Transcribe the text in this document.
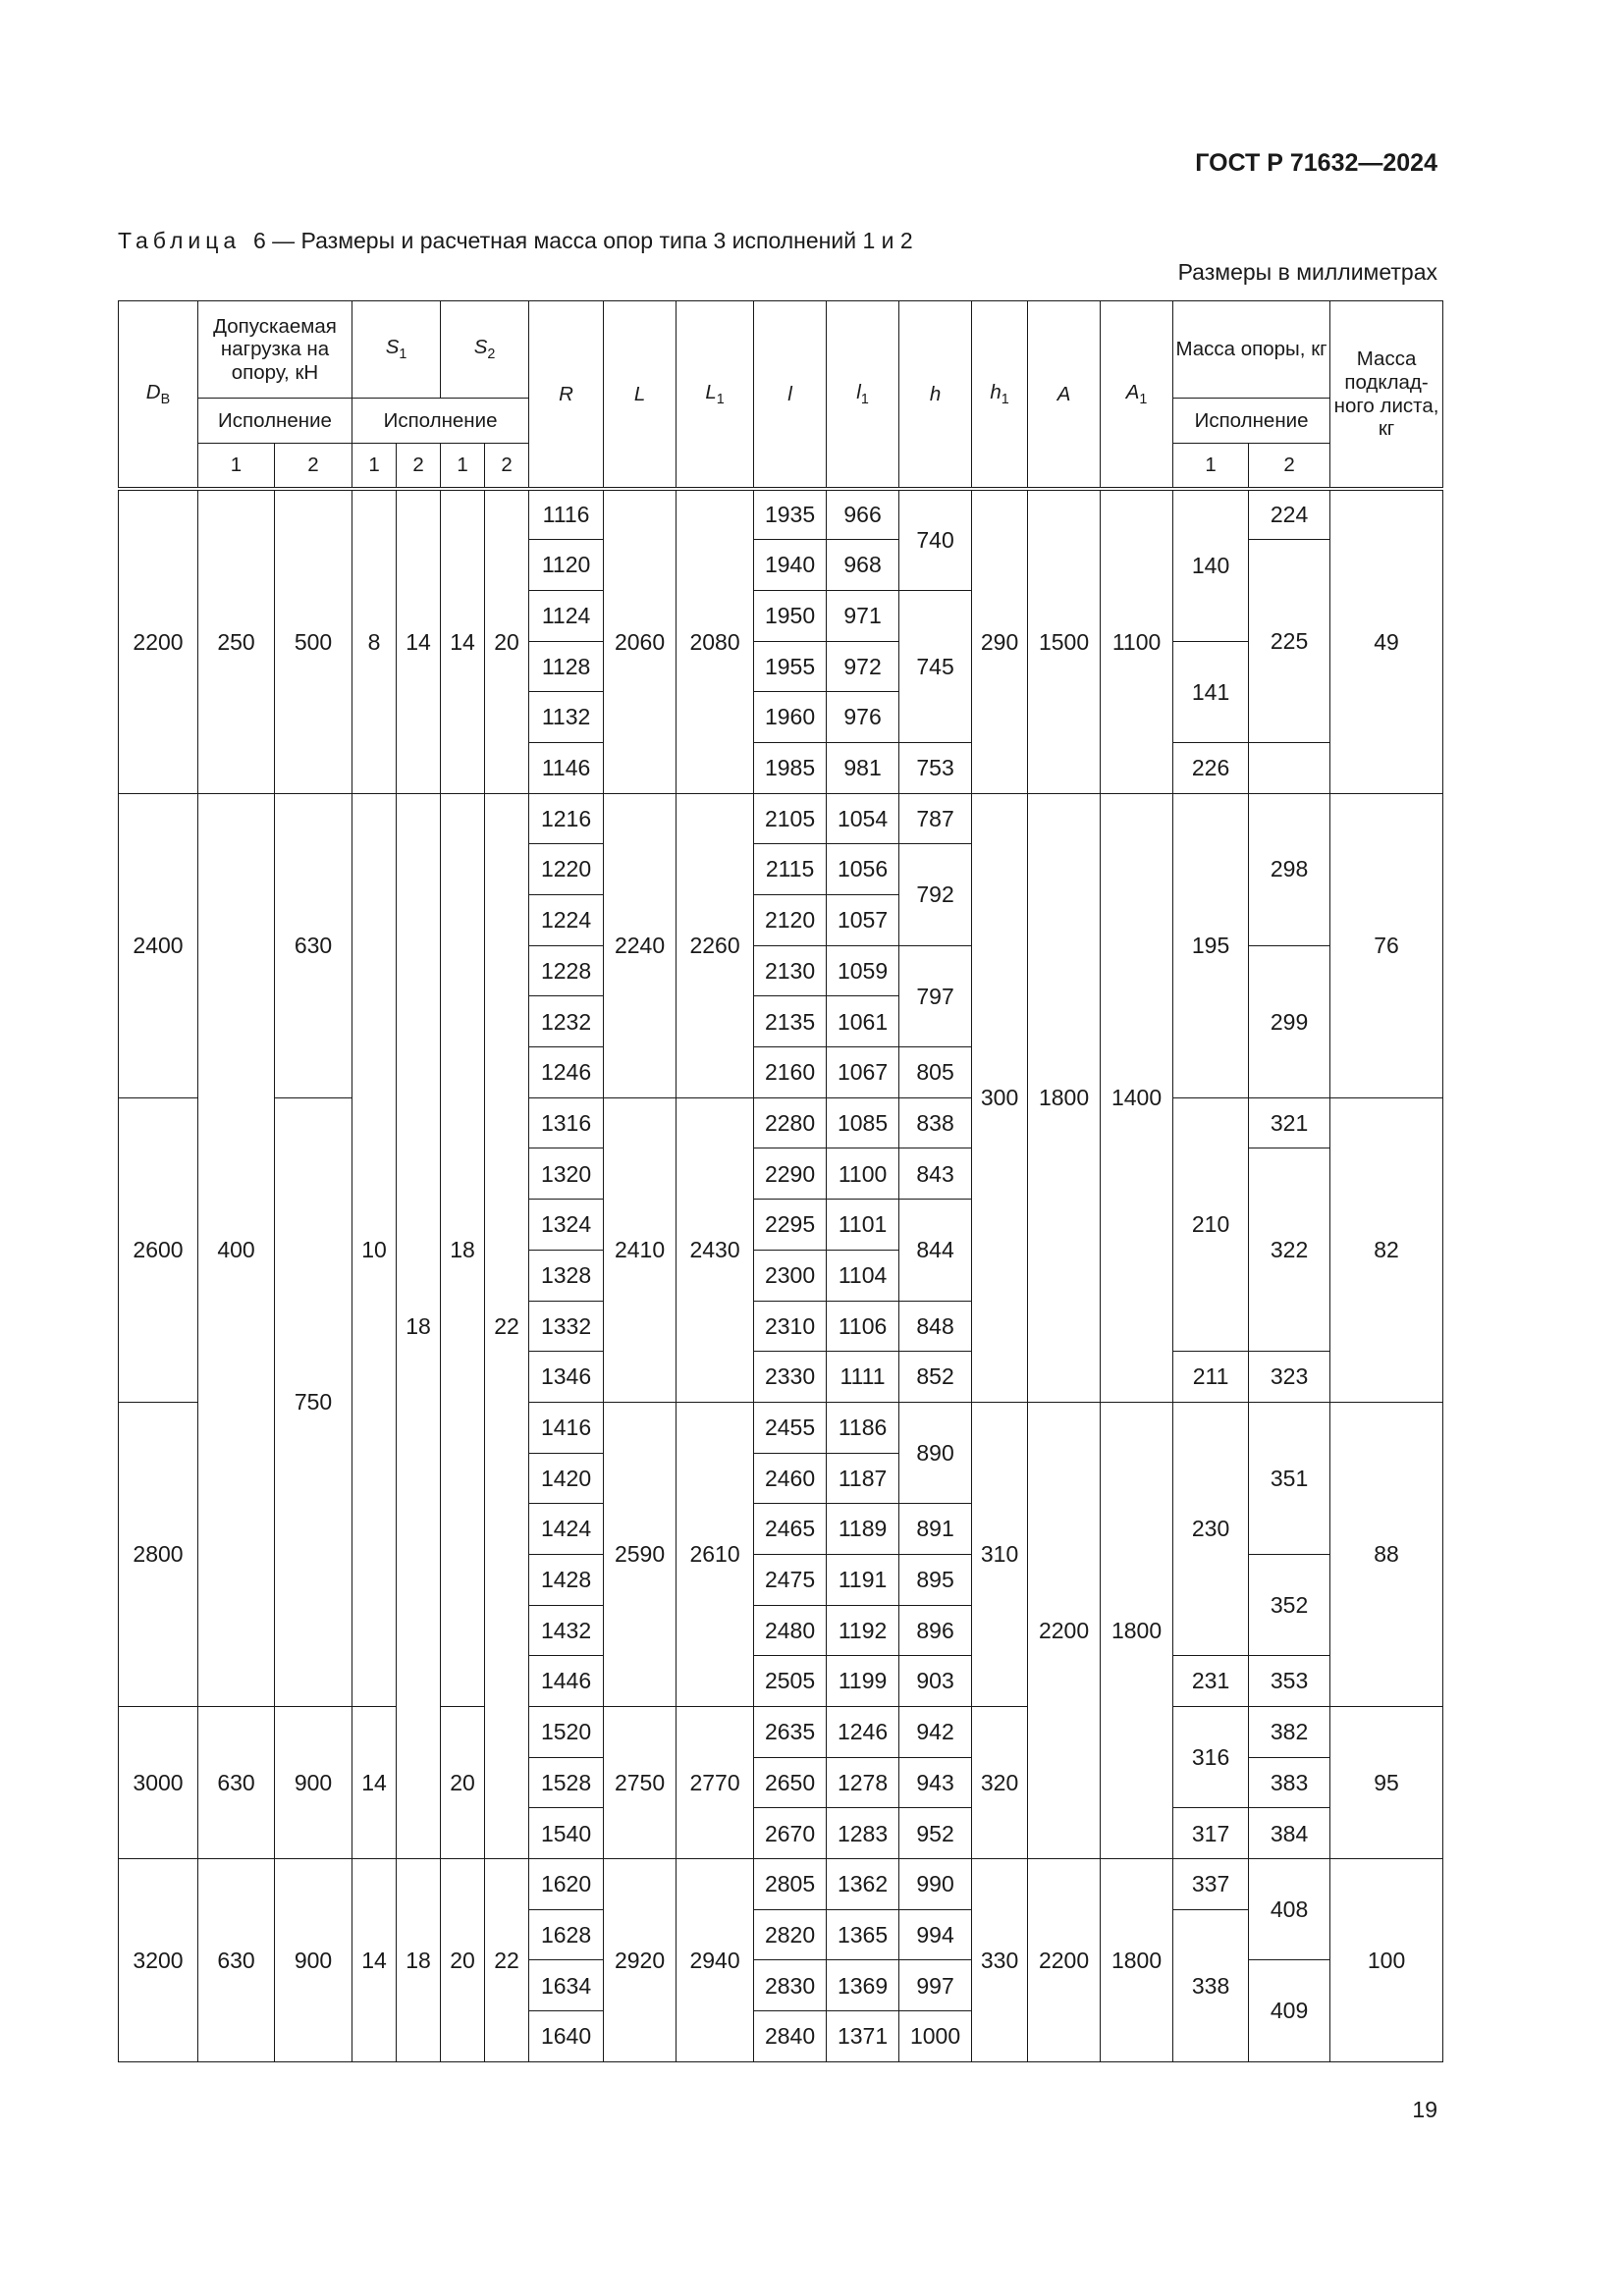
ГОСТ Р 71632—2024
Таблица 6 — Размеры и расчетная масса опор типа 3 исполнений 1 и 2
Размеры в миллиметрах
$D_В$	Допускаемая нагрузка на опору, кН		$S_1$		$S_2$		R	L	$L_1$	l	$l_1$	h	$h_1$	A	$A_1$	Масса опоры, кг		Масса подклад-ного листа, кг
	Исполнение		Исполнение													Исполнение		
	1	2	1	2	1	2										1	2	
2200	250	500	8	14	14	20	1116	2060	2080	1935	966	740	290	1500	1100	140	224	49
							1120			1940	968						225	
							1124			1950	971	745						
							1128			1955	972					141		
							1132			1960	976							
							1146			1985	981	753				226		
2400	400	630	10	18	18	22	1216	2240	2260	2105	1054	787	300	1800	1400	195	298	76
							1220			2115	1056	792						
							1224			2120	1057							
							1228			2130	1059	797					299	
							1232			2135	1061							
							1246			2160	1067	805						
2600		750					1316	2410	2430	2280	1085	838				210	321	82
							1320			2290	1100	843					322	
							1324			2295	1101	844						
							1328			2300	1104							
							1332			2310	1106	848						
							1346			2330	1111	852				211	323	
2800							1416	2590	2610	2455	1186	890	310	2200	1800	230	351	88
							1420			2460	1187							
							1424			2465	1189	891						
							1428			2475	1191	895					352	
							1432			2480	1192	896						
							1446			2505	1199	903				231	353	
3000	630	900	14		20		1520	2750	2770	2635	1246	942	320			316	382	95
							1528			2650	1278	943					383	
							1540			2670	1283	952				317	384	
3200	630	900	14	18	20	22	1620	2920	2940	2805	1362	990	330	2200	1800	337	408	100
							1628			2820	1365	994				338		
							1634			2830	1369	997					409	
							1640			2840	1371	1000						
19
